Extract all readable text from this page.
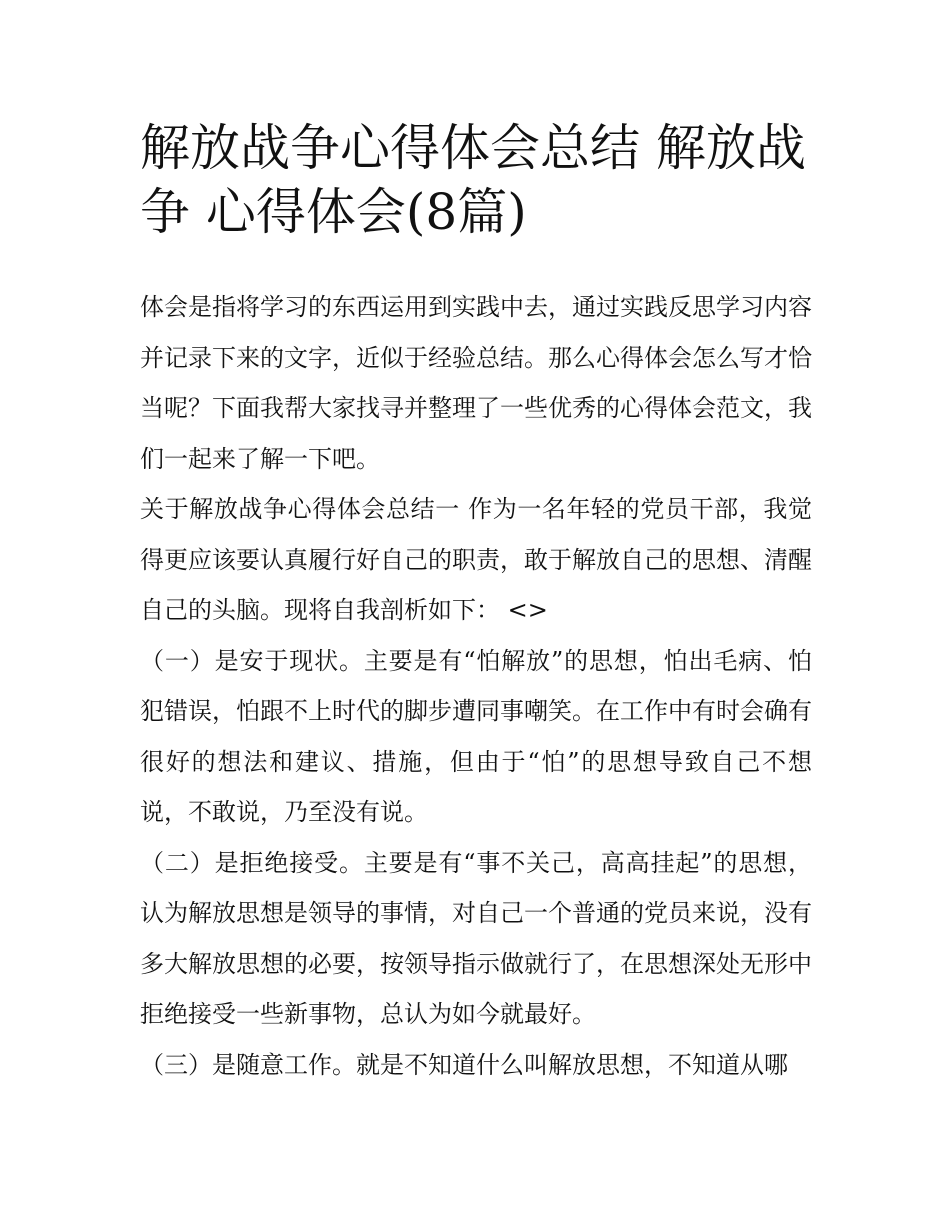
解放战争心得体会总结 解放战争 心得体会(8篇)

体会是指将学习的东西运用到实践中去，通过实践反思学习内容并记录下来的文字，近似于经验总结。那么心得体会怎么写才恰当呢？下面我帮大家找寻并整理了一些优秀的心得体会范文，我们一起来了解一下吧。

关于解放战争心得体会总结一 作为一名年轻的党员干部，我觉得更应该要认真履行好自己的职责，敢于解放自己的思想、清醒自己的头脑。现将自我剖析如下： <>

（一）是安于现状。主要是有“怕解放”的思想，怕出毛病、怕犯错误，怕跟不上时代的脚步遭同事嘲笑。在工作中有时会确有很好的想法和建议、措施，但由于“怕”的思想导致自己不想说，不敢说，乃至没有说。

（二）是拒绝接受。主要是有“事不关己，高高挂起”的思想，认为解放思想是领导的事情，对自己一个普通的党员来说，没有多大解放思想的必要，按领导指示做就行了，在思想深处无形中拒绝接受一些新事物，总认为如今就最好。

（三）是随意工作。就是不知道什么叫解放思想，不知道从哪
